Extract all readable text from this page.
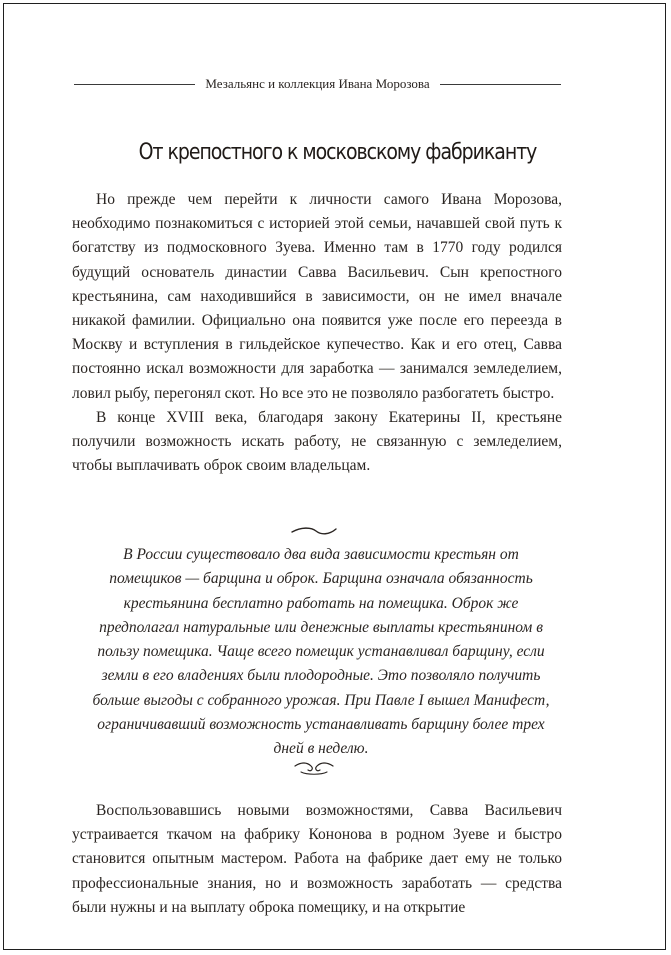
Мезальянс и коллекция Ивана Морозова
От крепостного к московскому фабриканту

Но прежде чем перейти к личности самого Ивана Морозова, необходимо познакомиться с историей этой семьи, начавшей свой путь к богатству из подмосковного Зуева. Именно там в 1770 году родился будущий основатель династии Савва Васильевич. Сын крепостного крестьянина, сам находившийся в зависимости, он не имел вначале никакой фамилии. Официально она появится уже после его переезда в Москву и вступления в гильдейское купечество. Как и его отец, Савва постоянно искал возможности для заработка — занимался земледелием, ловил рыбу, перегонял скот. Но все это не позволяло разбогатеть быстро.

В конце XVIII века, благодаря закону Екатерины II, крестьяне получили возможность искать работу, не связанную с земледелием, чтобы выплачивать оброк своим владельцам.

В России существовало два вида зависимости крестьян от помещиков — барщина и оброк. Барщина означала обязанность крестьянина бесплатно работать на помещика. Оброк же предполагал натуральные или денежные выплаты крестьянином в пользу помещика. Чаще всего помещик устанавливал барщину, если земли в его владениях были плодородные. Это позволяло получить больше выгоды с собранного урожая. При Павле I вышел Манифест, ограничивавший возможность устанавливать барщину более трех дней в неделю.

Воспользовавшись новыми возможностями, Савва Васильевич устраивается ткачом на фабрику Кононова в родном Зуеве и быстро становится опытным мастером. Работа на фабрике дает ему не только профессиональные знания, но и возможность заработать — средства были нужны и на выплату оброка помещику, и на открытие
